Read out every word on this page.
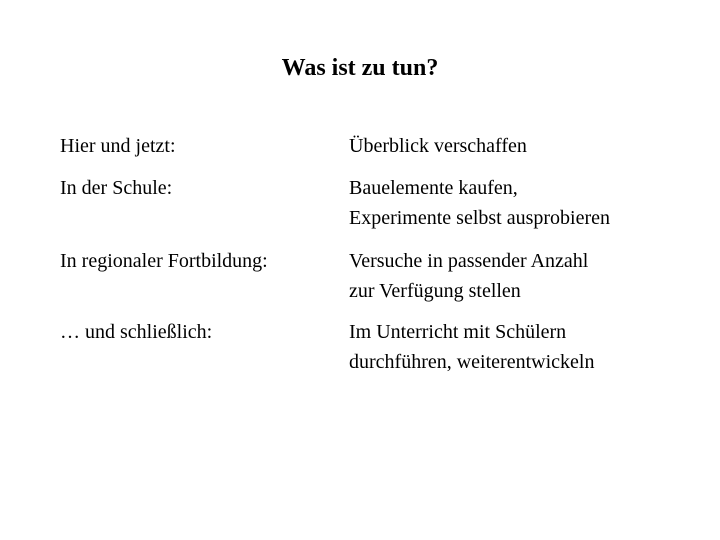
Was ist zu tun?
Hier und jetzt:	Überblick verschaffen
In der Schule:	Bauelemente kaufen,
Experimente selbst ausprobieren
In regionaler Fortbildung:	Versuche in passender Anzahl
zur Verfügung stellen
… und schließlich:	Im Unterricht mit Schülern
durchführen, weiterentwickeln
